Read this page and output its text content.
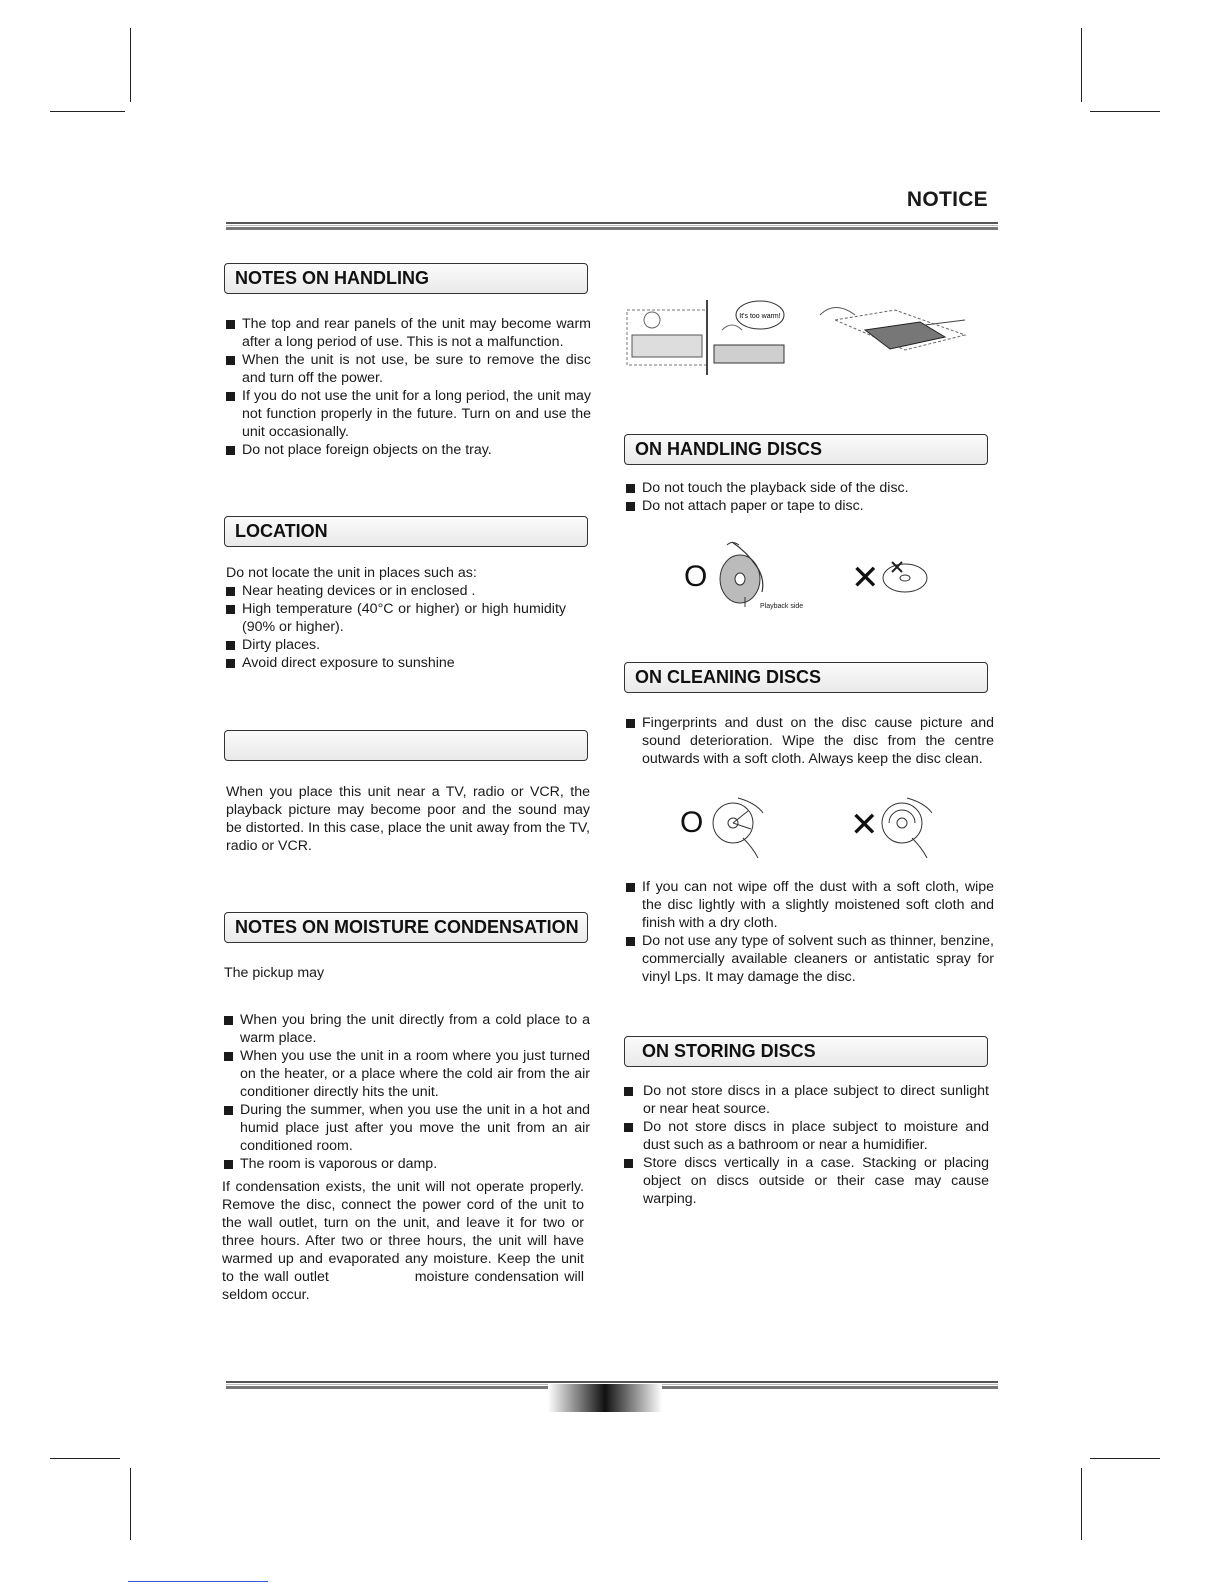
NOTICE
NOTES ON HANDLING
The top and rear panels of the unit may become warm after a long period of use. This is not a malfunction.
When the unit is not use, be sure to remove the disc and turn off the power.
If you do not use the unit for a long period, the unit may not function properly in the future. Turn on and use the unit occasionally.
Do not place foreign objects on the tray.
LOCATION

Do not locate the unit in places such as:

Near heating devices or in enclosed .
High temperature (40°C or higher) or high humidity (90% or higher).
Dirty places.
Avoid direct exposure to sunshine

When you place this unit near a TV, radio or VCR, the playback picture may become poor and the sound may be distorted. In this case, place the unit away from the TV, radio or VCR.

NOTES ON MOISTURE CONDENSATION
The pickup may
When you bring the unit directly from a cold place to a warm place.
When you use the unit in a room where you just turned on the heater, or a place where the cold air from the air conditioner directly hits the unit.
During the summer, when you use the unit in a hot and humid place just after you move the unit from an air conditioned room.
The room is vaporous or damp.

If condensation exists, the unit will not operate properly. Remove the disc, connect the power cord of the unit to the wall outlet, turn on the unit, and leave it for two or three hours. After two or three hours, the unit will have warmed up and evaporated any moisture. Keep the unit                to the wall outlet                moisture condensation will seldom occur.

It's too warm!
ON HANDLING DISCS
Do not touch the playback side of the disc.
Do not attach paper or tape to disc.
O
Playback side
✕
ON CLEANING DISCS
Fingerprints and dust on the disc cause picture and sound deterioration. Wipe the disc from the centre outwards with a soft cloth. Always keep the disc clean.
O	✕
If you can not wipe off the dust with a soft cloth, wipe the disc lightly with a slightly moistened soft cloth and finish with a dry cloth.
Do not use any type of solvent such as thinner, benzine, commercially available cleaners or antistatic spray for vinyl Lps. It may damage the disc.
ON STORING DISCS
Do not store discs in a place subject to direct sunlight or near heat source.
Do not store discs in place subject to moisture and dust such as a bathroom or near a humidifier.
Store discs vertically in a case. Stacking or placing object on discs outside or their case may cause warping.
